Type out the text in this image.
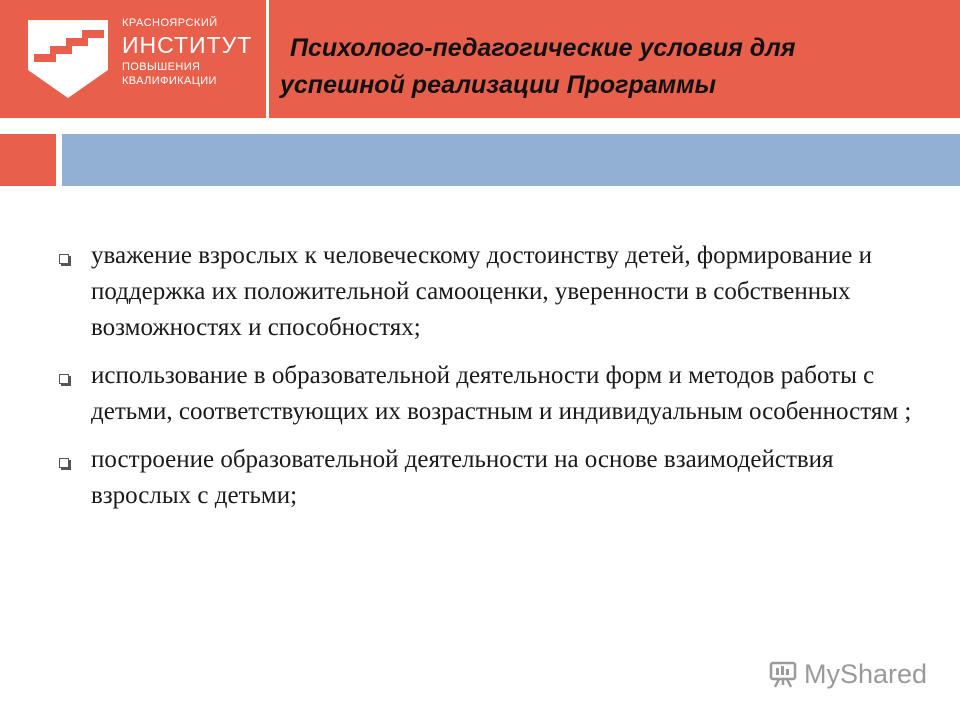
КРАСНОЯРСКИЙ
ИНСТИТУТ
ПОВЫШЕНИЯ
КВАЛИФИКАЦИИ
Психолого-педагогические условия для
успешной реализации Программы
уважение взрослых к человеческому достоинству детей, формирование и поддержка их положительной самооценки, уверенности в собственных возможностях и способностях;
использование в образовательной деятельности форм и методов работы с детьми, соответствующих их возрастным и индивидуальным особенностям ;
построение образовательной деятельности на основе взаимодействия взрослых с детьми;
MyShared
